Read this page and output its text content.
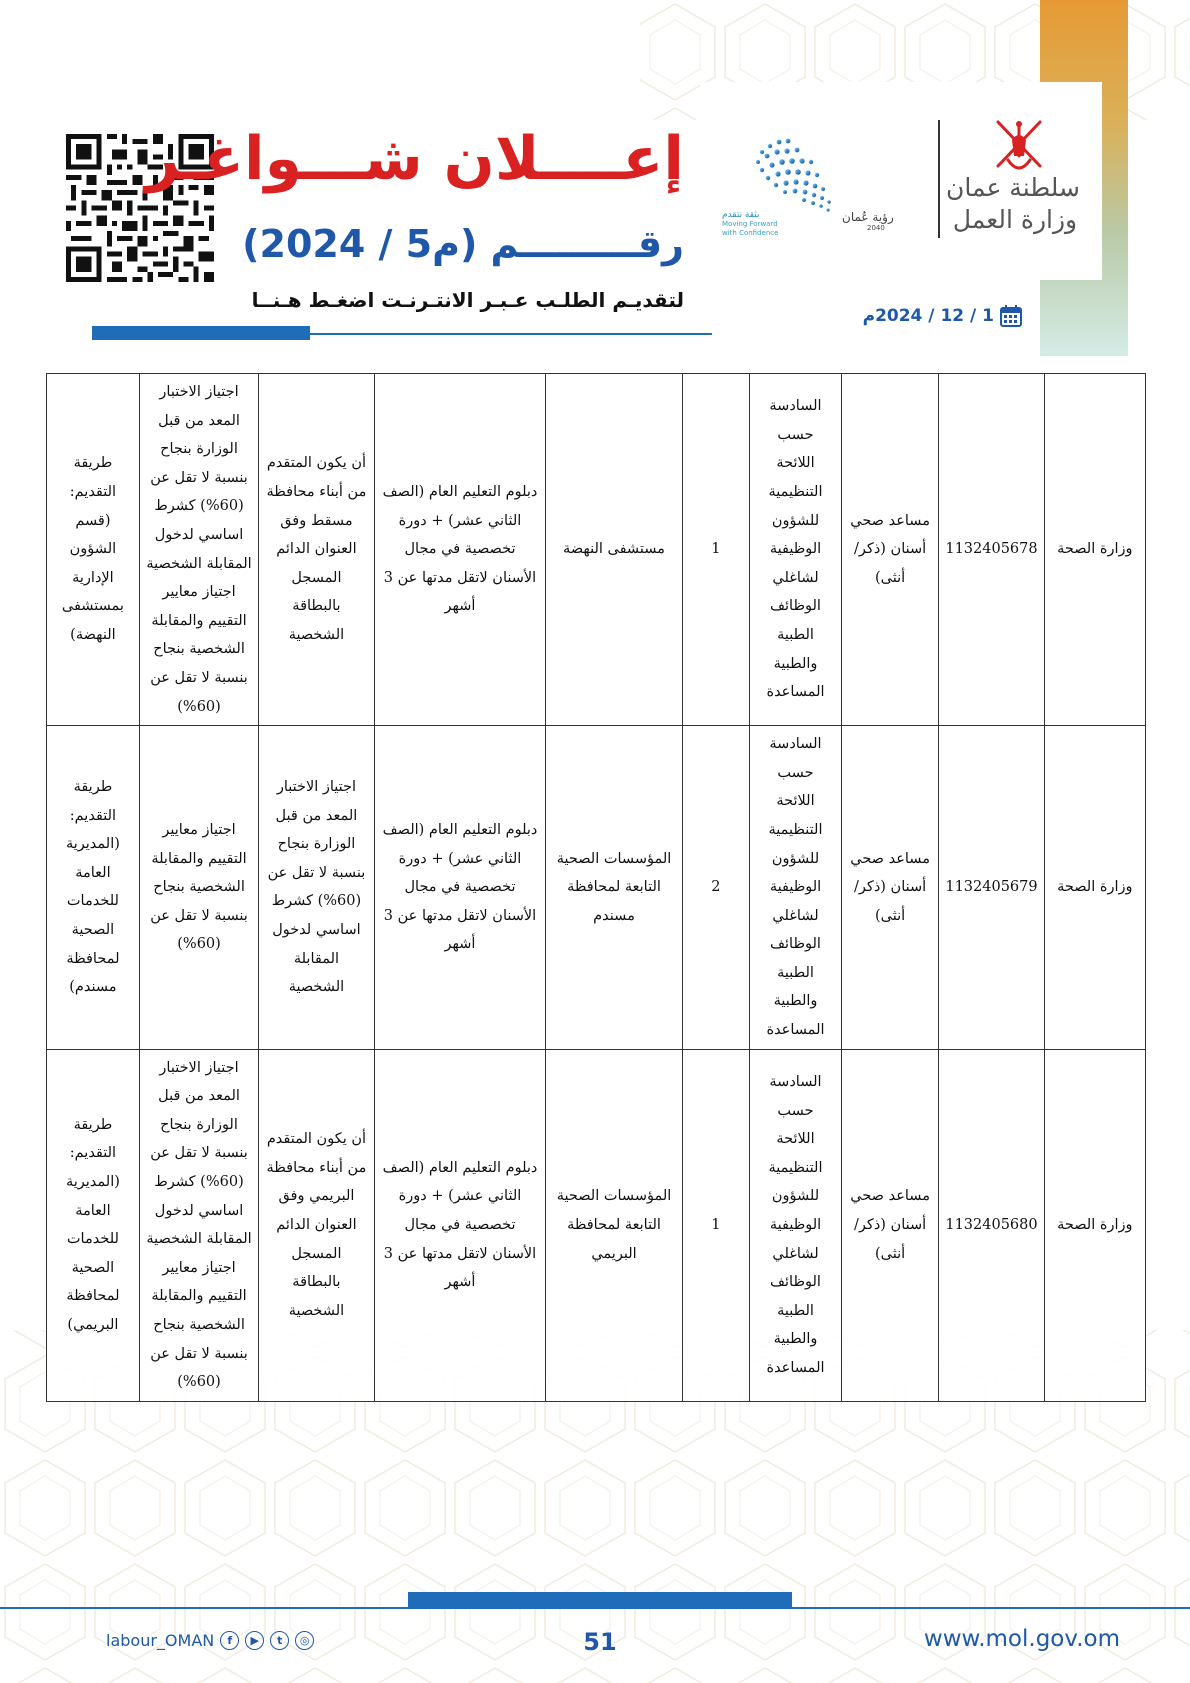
إعــــلان شـــواغـر
رقـــــــــم (م5 / 2024)
لتقديـم الطلـب عـبـر الانتـرنـت اضغـط هـنــا
1 / 12 / 2024م
رؤية عُمان
2040
بثقة نتقدم
Moving Forward
with Confidence
سلطنة عمان
وزارة العمل
وزارة الصحة	1132405678	مساعد صحي أسنان (ذكر/ أنثى)	السادسة حسب اللائحة التنظيمية للشؤون الوظيفية لشاغلي الوظائف الطبية والطبية المساعدة	1	مستشفى النهضة	دبلوم التعليم العام (الصف الثاني عشر) + دورة تخصصية في مجال الأسنان لاتقل مدتها عن 3 أشهر	أن يكون المتقدم من أبناء محافظة مسقط وفق العنوان الدائم المسجل بالبطاقة الشخصية	اجتياز الاختبار المعد من قبل الوزارة بنجاح بنسبة لا تقل عن (60%) كشرط اساسي لدخول المقابلة الشخصية اجتياز معايير التقييم والمقابلة الشخصية بنجاح بنسبة لا تقل عن (60%)	طريقة التقديم: (قسم الشؤون الإدارية بمستشفى النهضة)
وزارة الصحة	1132405679	مساعد صحي أسنان (ذكر/ أنثى)	السادسة حسب اللائحة التنظيمية للشؤون الوظيفية لشاغلي الوظائف الطبية والطبية المساعدة	2	المؤسسات الصحية التابعة لمحافظة مسندم	دبلوم التعليم العام (الصف الثاني عشر) + دورة تخصصية في مجال الأسنان لاتقل مدتها عن 3 أشهر	اجتياز الاختبار المعد من قبل الوزارة بنجاح بنسبة لا تقل عن (60%) كشرط اساسي لدخول المقابلة الشخصية	اجتياز معايير التقييم والمقابلة الشخصية بنجاح بنسبة لا تقل عن (60%)	طريقة التقديم: (المديرية العامة للخدمات الصحية لمحافظة مسندم)
وزارة الصحة	1132405680	مساعد صحي أسنان (ذكر/ أنثى)	السادسة حسب اللائحة التنظيمية للشؤون الوظيفية لشاغلي الوظائف الطبية والطبية المساعدة	1	المؤسسات الصحية التابعة لمحافظة البريمي	دبلوم التعليم العام (الصف الثاني عشر) + دورة تخصصية في مجال الأسنان لاتقل مدتها عن 3 أشهر	أن يكون المتقدم من أبناء محافظة البريمي وفق العنوان الدائم المسجل بالبطاقة الشخصية	اجتياز الاختبار المعد من قبل الوزارة بنجاح بنسبة لا تقل عن (60%) كشرط اساسي لدخول المقابلة الشخصية اجتياز معايير التقييم والمقابلة الشخصية بنجاح بنسبة لا تقل عن (60%)	طريقة التقديم: (المديرية العامة للخدمات الصحية لمحافظة البريمي)
labour_OMAN	f	▶	t	◎	51	www.mol.gov.om
